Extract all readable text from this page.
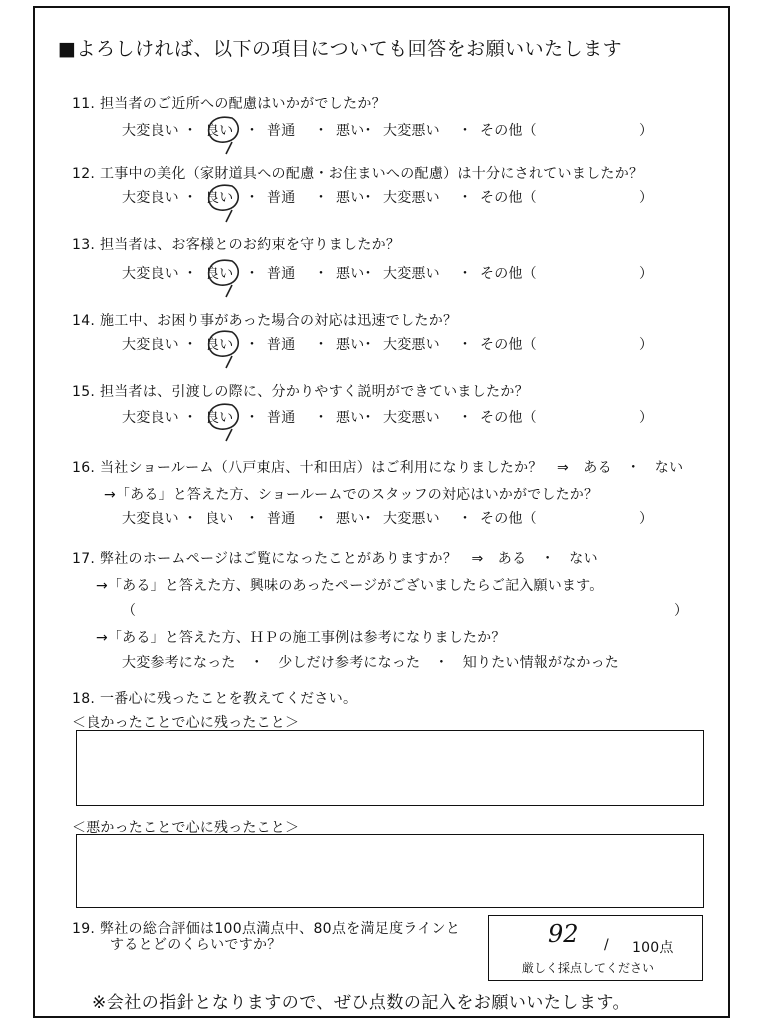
■よろしければ、以下の項目についても回答をお願いいたします
11. 担当者のご近所への配慮はいかがでしたか？
大変良い ・ 良い ・ 普通 ・ 悪い
・ 大変悪い ・ その他（	）
12. 工事中の美化（家財道具への配慮・お住まいへの配慮）は十分にされていましたか？
大変良い ・ 良い ・ 普通 ・ 悪い
・ 大変悪い ・ その他（	）
13. 担当者は、お客様とのお約束を守りましたか？
大変良い ・ 良い ・ 普通 ・ 悪い
・ 大変悪い ・ その他（	）
14. 施工中、お困り事があった場合の対応は迅速でしたか？
大変良い ・ 良い ・ 普通 ・ 悪い
・ 大変悪い ・ その他（	）
15. 担当者は、引渡しの際に、分かりやすく説明ができていましたか？
大変良い ・ 良い ・ 普通 ・ 悪い
・ 大変悪い ・ その他（	）
16. 当社ショールーム（八戸東店、十和田店）はご利用になりましたか？　⇒　ある　・　ない
→「ある」と答えた方、ショールームでのスタッフの対応はいかがでしたか？
大変良い ・ 良い ・ 普通 ・ 悪い
・ 大変悪い ・ その他（	）
17. 弊社のホームページはご覧になったことがありますか？　⇒　ある　・　ない
→「ある」と答えた方、興味のあったページがございましたらご記入願います。
（	）
→「ある」と答えた方、ＨＰの施工事例は参考になりましたか？
大変参考になった　・　少しだけ参考になった　・　知りたい情報がなかった
18. 一番心に残ったことを教えてください。
＜良かったことで心に残ったこと＞
＜悪かったことで心に残ったこと＞
19. 弊社の総合評価は100点満点中、80点を満足度ラインと
するとどのくらいですか？	92 / 100点
厳しく採点してください
※会社の指針となりますので、ぜひ点数の記入をお願いいたします。
